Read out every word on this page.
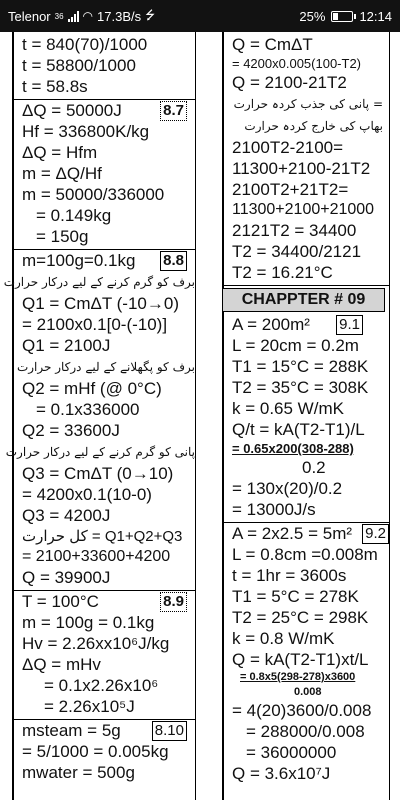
Telenor 36 ◠ 17.3B/s ⭍	25%	12:14
t = 840(70)/1000
t = 58800/1000
t = 58.8s
ΔQ = 50000J	8.7
Hf = 336800K/kg
ΔQ = Hfm
m = ΔQ/Hf
m = 50000/336000
= 0.149kg
= 150g
m=100g=0.1kg 8.8
برف کو گرم کرنے کے لیے درکار حرارت
Q1 = CmΔT (-10→0)
= 2100x0.1[0-(-10)]
Q1 = 2100J
برف کو پگھلانے کے لیے درکار حرارت
Q2 = mHf (@ 0°C)
= 0.1x336000
Q2 = 33600J
پانی کو گرم کرنے کے لیے درکار حرارت
Q3 = CmΔT (0→10)
= 4200x0.1(10-0)
Q3 = 4200J
کل حرارت = Q1+Q2+Q3
= 2100+33600+4200
Q = 39900J
T = 100°C	8.9
m = 100g = 0.1kg
Hv = 2.26xx10⁶J/kg
ΔQ = mHv
= 0.1x2.26x10⁶
= 2.26x10⁵J
msteam = 5g 8.10
= 5/1000 = 0.005kg
mwater = 500g
Q = CmΔT
= 4200x0.005(100-T2)
Q = 2100-21T2
= پانی کی جذب کردہ حرارت
بھاپ کی خارج کردہ حرارت
2100T2-2100=
11300+2100-21T2
2100T2+21T2=
11300+2100+21000
2121T2 = 34400
T2 = 34400/2121
T2 = 16.21°C
CHAPPTER # 09
A = 200m² 9.1
L = 20cm = 0.2m
T1 = 15°C = 288K
T2 = 35°C = 308K
k = 0.65 W/mK
Q/t = kA(T2-T1)/L
= 0.65x200(308-288)
0.2
= 130x(20)/0.2
= 13000J/s
A = 2x2.5 = 5m² 9.2
L = 0.8cm =0.008m
t = 1hr = 3600s
T1 = 5°C = 278K
T2 = 25°C = 298K
k = 0.8 W/mK
Q = kA(T2-T1)xt/L
= 0.8x5(298-278)x3600
0.008
= 4(20)3600/0.008
= 288000/0.008
= 36000000
Q = 3.6x10⁷J
